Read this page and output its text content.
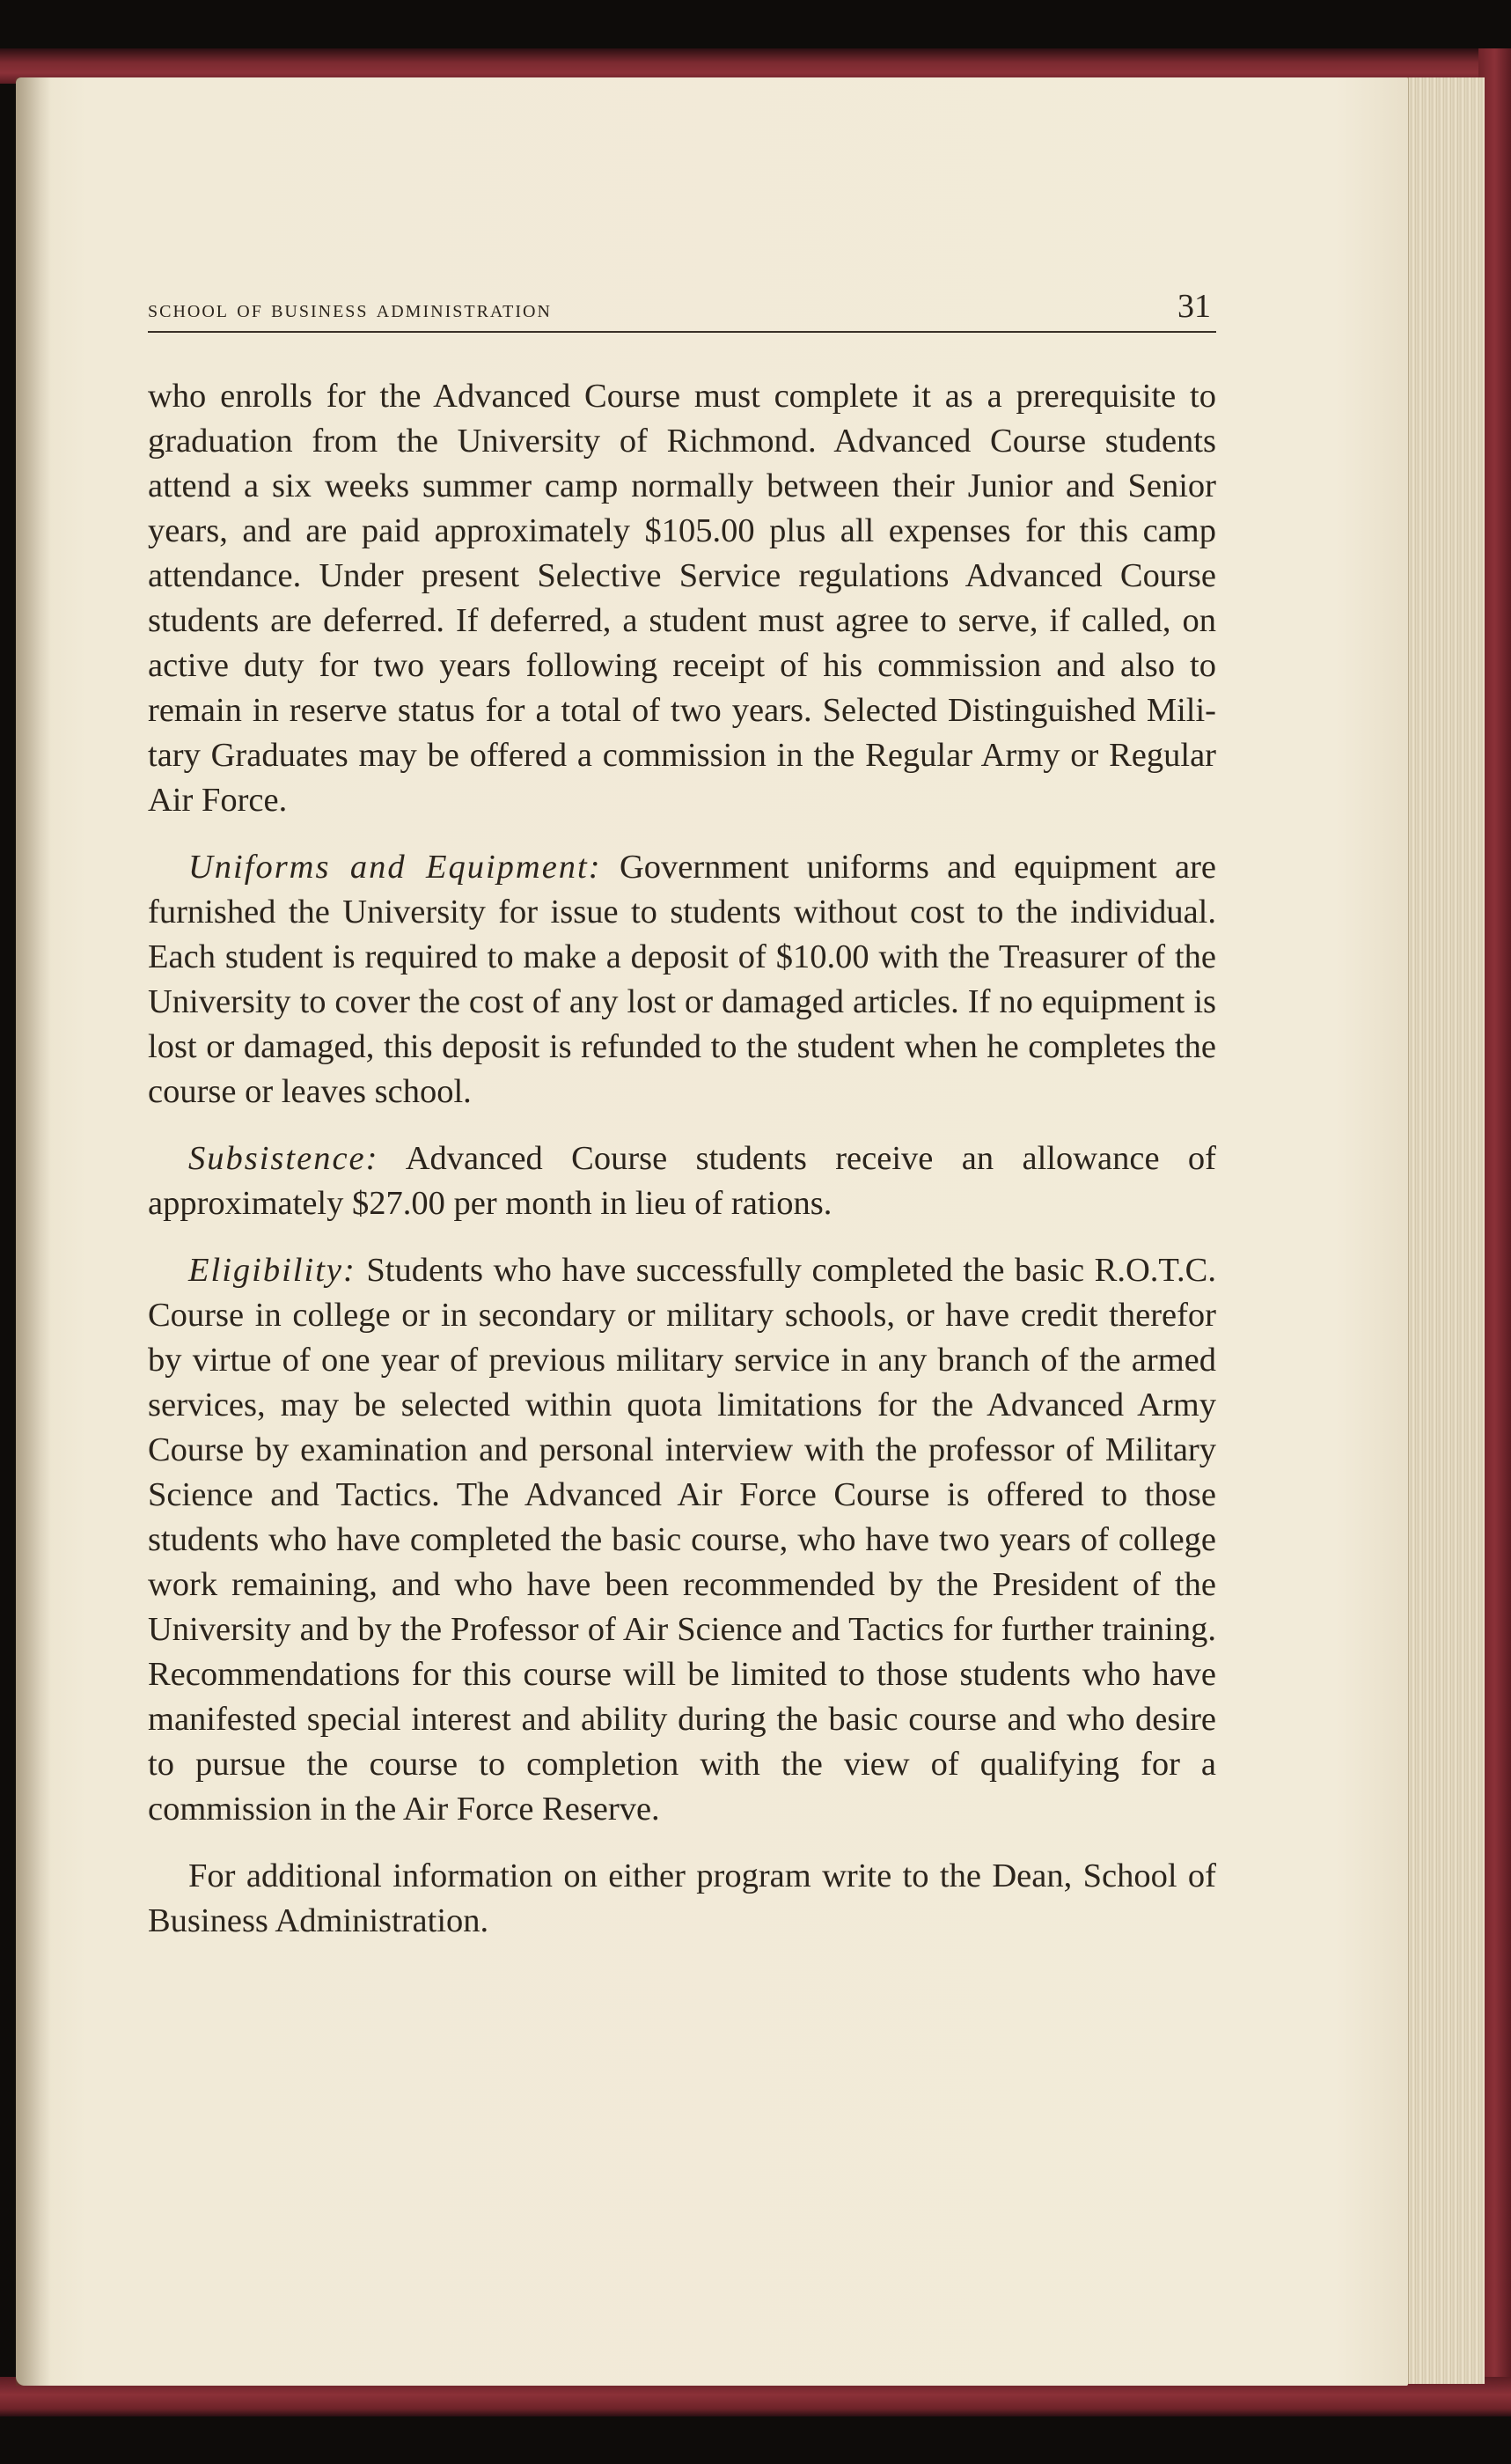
school of business administration	31

who enrolls for the Advanced Course must complete it as a prerequisite to graduation from the University of Richmond. Advanced Course students attend a six weeks summer camp normally between their Junior and Senior years, and are paid approximately $105.00 plus all expenses for this camp attendance. Under present Selective Service regulations Advanced Course students are deferred. If deferred, a student must agree to serve, if called, on active duty for two years following receipt of his commission and also to remain in reserve status for a total of two years. Selected Distinguished Military Graduates may be offered a commission in the Regular Army or Regular Air Force.

Uniforms and Equipment: Government uniforms and equipment are furnished the University for issue to students without cost to the individual. Each student is required to make a deposit of $10.00 with the Treasurer of the University to cover the cost of any lost or damaged articles. If no equipment is lost or damaged, this deposit is refunded to the student when he completes the course or leaves school.

Subsistence: Advanced Course students receive an allowance of approximately $27.00 per month in lieu of rations.

Eligibility: Students who have successfully completed the basic R.O.T.C. Course in college or in secondary or military schools, or have credit therefor by virtue of one year of previous military service in any branch of the armed services, may be selected within quota limitations for the Advanced Army Course by examination and personal interview with the professor of Military Science and Tactics. The Advanced Air Force Course is offered to those students who have completed the basic course, who have two years of college work remaining, and who have been recommended by the President of the University and by the Professor of Air Science and Tactics for further training. Recommendations for this course will be limited to those students who have manifested special interest and ability during the basic course and who desire to pursue the course to completion with the view of qualifying for a commission in the Air Force Reserve.

For additional information on either program write to the Dean, School of Business Administration.
